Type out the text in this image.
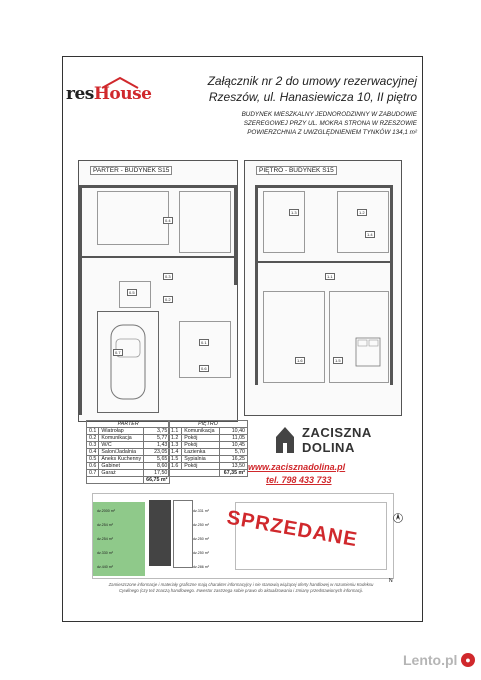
resHouse
Załącznik nr 2 do umowy rezerwacyjnej
Rzeszów, ul. Hanasiewicza 10, II piętro
BUDYNEK MIESZKALNY JEDNORODZINNY W ZABUDOWIE
SZEREGOWEJ PRZY UL. MOKRA STRONA W RZESZOWIE
POWIERZCHNIA Z UWZGLĘDNIENIEM TYNKÓW 134,1 m²
0.4
0.3
0.2
0.5
0.1
0.7
0.6
PARTER - BUDYNEK S15
1.3	1.2
1.4
1.1
1.6	1.5
PIĘTRO - BUDYNEK S15
PARTER		
0.1	Wiatrołap	3,75
0.2	Komunikacja	5,77
0.3	W/C	1,43
0.4	Salon/Jadalnia	23,05
0.5	Aneks Kuchenny	5,65
0.6	Gabinet	8,60
0.7	Garaż	17,50
		66,75 m²
PIĘTRO		
1.1	Komunikacja	10,40
1.2	Pokój	11,05
1.3	Pokój	10,45
1.4	Łazienka	5,70
1.5	Sypialnia	16,25
1.6	Pokój	13,50
		67,35 m²
ZACISZNA
DOLINA
www.zacisznadolina.pl
tel. 798 433 733
dz.2000 m²
dz.254 m²
dz.254 m²
dz.330 m²
dz.440 m²
dz.331 m²
dz.250 m²
dz.250 m²
dz.250 m²
dz.286 m²
N
SPRZEDANE
Zamieszczone informacje i materiały graficzne mają charakter informacyjny i nie stanowią wiążącej oferty handlowej w rozumieniu Kodeksu
Cywilnego (czy też znaczą handlowego. Inwestor zastrzega sobie prawo do aktualizowania i zmiany przedstawionych informacji.
Lento.pl ●
